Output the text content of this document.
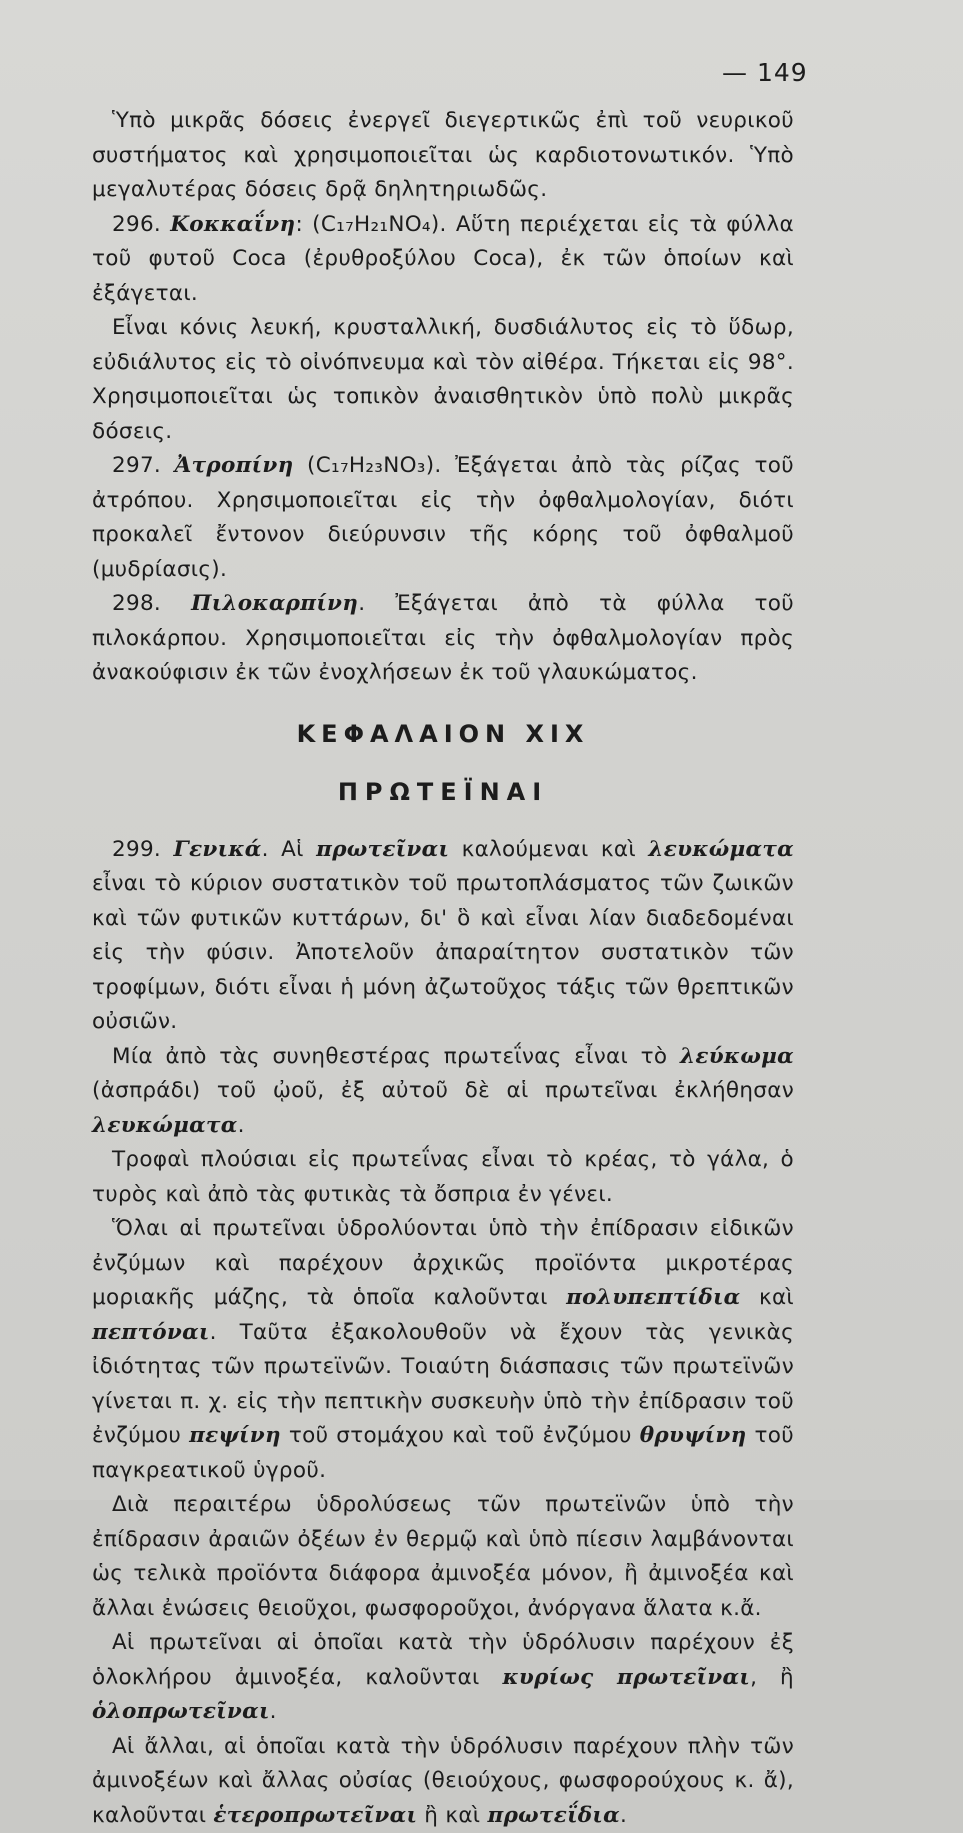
— 149

Ὑπὸ μικρᾶς δόσεις ἐνεργεῖ διεγερτικῶς ἐπὶ τοῦ νευρικοῦ συστήματος καὶ χρησιμοποιεῖται ὡς καρδιοτονωτικόν. Ὑπὸ μεγαλυτέρας δόσεις δρᾷ δηλητηριωδῶς.

296. Κοκκαΐνη: (C₁₇H₂₁NO₄). Αὕτη περιέχεται εἰς τὰ φύλλα τοῦ φυτοῦ Coca (ἐρυθροξύλου Coca), ἐκ τῶν ὁποίων καὶ ἐξάγεται.

Εἶναι κόνις λευκή, κρυσταλλική, δυσδιάλυτος εἰς τὸ ὕδωρ, εὐδιάλυτος εἰς τὸ οἰνόπνευμα καὶ τὸν αἰθέρα. Τήκεται εἰς 98°. Χρησιμοποιεῖται ὡς τοπικὸν ἀναισθητικὸν ὑπὸ πολὺ μικρᾶς δόσεις.

297. Ἀτροπίνη (C₁₇H₂₃NO₃). Ἐξάγεται ἀπὸ τὰς ρίζας τοῦ ἀτρόπου. Χρησιμοποιεῖται εἰς τὴν ὀφθαλμολογίαν, διότι προκαλεῖ ἔντονον διεύρυνσιν τῆς κόρης τοῦ ὀφθαλμοῦ (μυδρίασις).

298. Πιλοκαρπίνη. Ἐξάγεται ἀπὸ τὰ φύλλα τοῦ πιλοκάρπου. Χρησιμοποιεῖται εἰς τὴν ὀφθαλμολογίαν πρὸς ἀνακούφισιν ἐκ τῶν ἐνοχλήσεων ἐκ τοῦ γλαυκώματος.

ΚΕΦΑΛΑΙΟΝ XIX
ΠΡΩΤΕΪΝΑΙ

299. Γενικά. Αἱ πρωτεῖναι καλούμεναι καὶ λευκώματα εἶναι τὸ κύριον συστατικὸν τοῦ πρωτοπλάσματος τῶν ζωικῶν καὶ τῶν φυτικῶν κυττάρων, δι' ὃ καὶ εἶναι λίαν διαδεδομέναι εἰς τὴν φύσιν. Ἀποτελοῦν ἀπαραίτητον συστατικὸν τῶν τροφίμων, διότι εἶναι ἡ μόνη ἀζωτοῦχος τάξις τῶν θρεπτικῶν οὐσιῶν.

Μία ἀπὸ τὰς συνηθεστέρας πρωτεΐνας εἶναι τὸ λεύκωμα (ἀσπράδι) τοῦ ᾠοῦ, ἐξ αὐτοῦ δὲ αἱ πρωτεῖναι ἐκλήθησαν λευκώματα.

Τροφαὶ πλούσιαι εἰς πρωτεΐνας εἶναι τὸ κρέας, τὸ γάλα, ὁ τυρὸς καὶ ἀπὸ τὰς φυτικὰς τὰ ὄσπρια ἐν γένει.

Ὅλαι αἱ πρωτεῖναι ὑδρολύονται ὑπὸ τὴν ἐπίδρασιν εἰδικῶν ἐνζύμων καὶ παρέχουν ἀρχικῶς προϊόντα μικροτέρας μοριακῆς μάζης, τὰ ὁποῖα καλοῦνται πολυπεπτίδια καὶ πεπτόναι. Ταῦτα ἐξακολουθοῦν νὰ ἔχουν τὰς γενικὰς ἰδιότητας τῶν πρωτεϊνῶν. Τοιαύτη διάσπασις τῶν πρωτεϊνῶν γίνεται π. χ. εἰς τὴν πεπτικὴν συσκευὴν ὑπὸ τὴν ἐπίδρασιν τοῦ ἐνζύμου πεψίνη τοῦ στομάχου καὶ τοῦ ἐνζύμου θρυψίνη τοῦ παγκρεατικοῦ ὑγροῦ.

Διὰ περαιτέρω ὑδρολύσεως τῶν πρωτεϊνῶν ὑπὸ τὴν ἐπίδρασιν ἀραιῶν ὀξέων ἐν θερμῷ καὶ ὑπὸ πίεσιν λαμβάνονται ὡς τελικὰ προϊόντα διάφορα ἀμινοξέα μόνον, ἢ ἀμινοξέα καὶ ἄλλαι ἐνώσεις θειοῦχοι, φωσφοροῦχοι, ἀνόργανα ἅλατα κ.ἄ.

Αἱ πρωτεῖναι αἱ ὁποῖαι κατὰ τὴν ὑδρόλυσιν παρέχουν ἐξ ὁλοκλήρου ἀμινοξέα, καλοῦνται κυρίως πρωτεῖναι, ἢ ὁλοπρωτεῖναι.

Αἱ ἄλλαι, αἱ ὁποῖαι κατὰ τὴν ὑδρόλυσιν παρέχουν πλὴν τῶν ἀμινοξέων καὶ ἄλλας οὐσίας (θειούχους, φωσφορούχους κ. ἄ), καλοῦνται ἑτεροπρωτεῖναι ἢ καὶ πρωτεΐδια.
